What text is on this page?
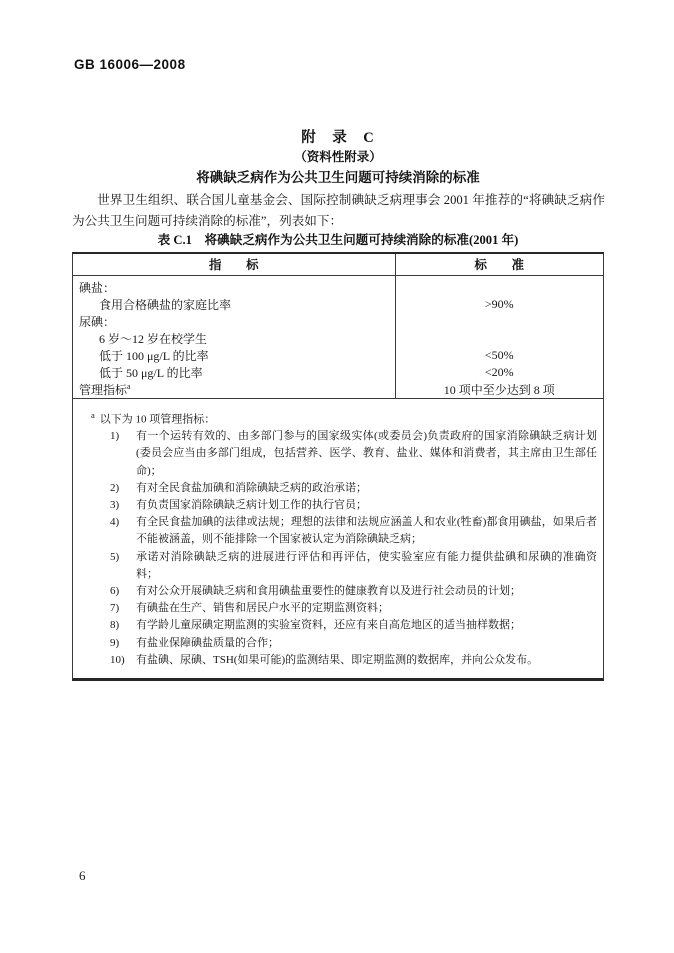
GB 16006—2008
附　录　C
（资料性附录）
将碘缺乏病作为公共卫生问题可持续消除的标准
世界卫生组织、联合国儿童基金会、国际控制碘缺乏病理事会 2001 年推荐的“将碘缺乏病作为公共卫生问题可持续消除的标准”，列表如下：
表 C.1　将碘缺乏病作为公共卫生问题可持续消除的标准(2001 年)
指　　标	标　　准
碘盐：	
食用合格碘盐的家庭比率	>90%
尿碘：	
6 岁～12 岁在校学生	
低于 100 μg/L 的比率	<50%
低于 50 μg/L 的比率	<20%
管理指标$^a$	10 项中至少达到 8 项

$^a$ 以下为 10 项管理指标：
1)	有一个运转有效的、由多部门参与的国家级实体(或委员会)负责政府的国家消除碘缺乏病计划(委员会应当由多部门组成，包括营养、医学、教育、盐业、媒体和消费者，其主席由卫生部任命)；
2)	有对全民食盐加碘和消除碘缺乏病的政治承诺；
3)	有负责国家消除碘缺乏病计划工作的执行官员；
4)	有全民食盐加碘的法律或法规；理想的法律和法规应涵盖人和农业(牲畜)都食用碘盐，如果后者不能被涵盖，则不能排除一个国家被认定为消除碘缺乏病；
5)	承诺对消除碘缺乏病的进展进行评估和再评估，使实验室应有能力提供盐碘和尿碘的准确资料；
6)	有对公众开展碘缺乏病和食用碘盐重要性的健康教育以及进行社会动员的计划；
7)	有碘盐在生产、销售和居民户水平的定期监测资料；
8)	有学龄儿童尿碘定期监测的实验室资料，还应有来自高危地区的适当抽样数据；
9)	有盐业保障碘盐质量的合作；
10)	有盐碘、尿碘、TSH(如果可能)的监测结果、即定期监测的数据库，并向公众发布。
6
